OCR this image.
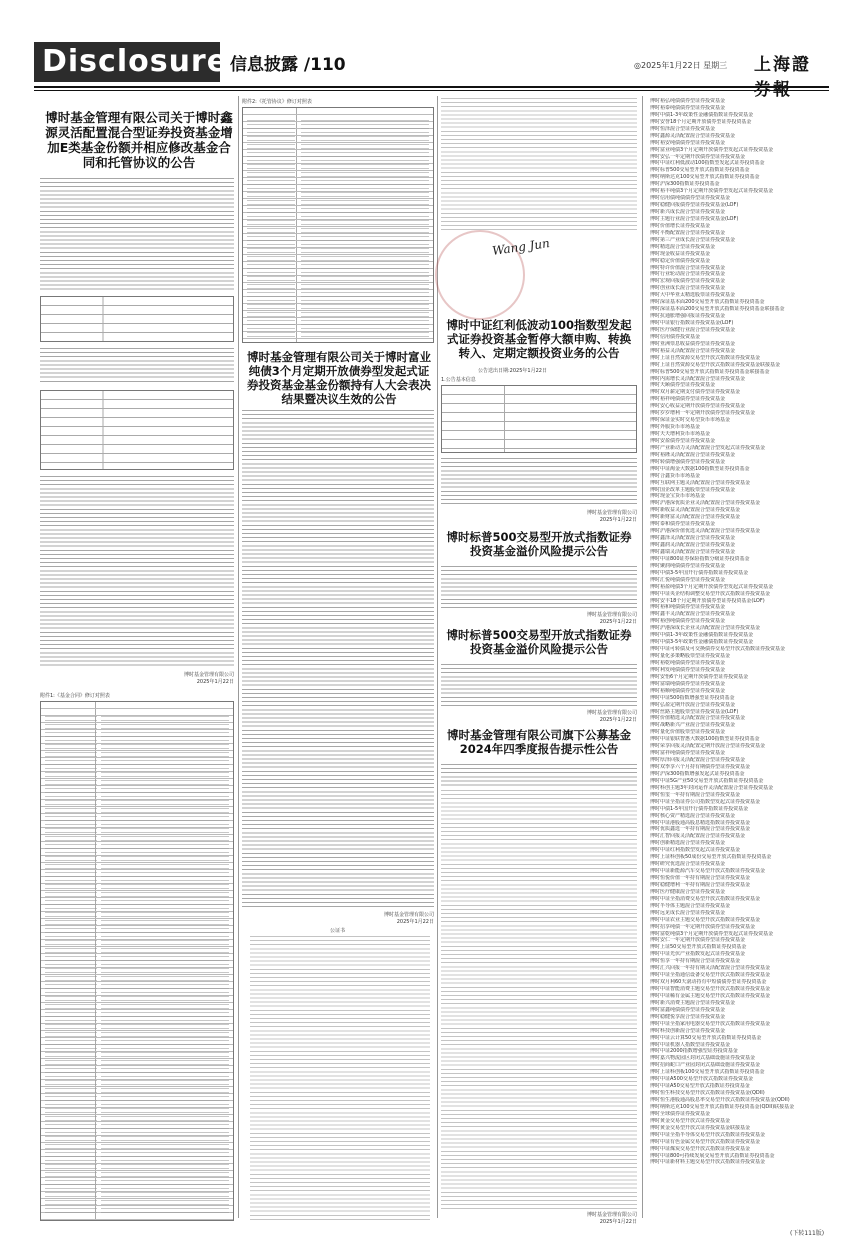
Disclosure 信息披露 /110	◎2025年1月22日 星期三 上海證
博时基金管理有限公司关于博时鑫源灵活配置混合型证券投资基金增加E类基金份额并相应修改基金合同和托管协议的公告
博时基金管理有限公司
2025年1月22日
附件1:《基金合同》修订对照表
附件2:《托管协议》修订对照表
博时基金管理有限公司关于博时富业纯债3个月定期开放债券型发起式证券投资基金基金份额持有人大会表决结果暨决议生效的公告
博时基金管理有限公司
2025年1月22日
公证书
Wang Jun
博时中证红利低波动100指数型发起式证券投资基金暂停大额申购、转换转入、定期定额投资业务的公告
公告送出日期:2025年1月22日
1.公告基本信息
博时基金管理有限公司
2025年1月22日
博时标普500交易型开放式指数证券投资基金溢价风险提示公告
博时基金管理有限公司
2025年1月22日
博时标普500交易型开放式指数证券投资基金溢价风险提示公告
博时基金管理有限公司
2025年1月22日
博时基金管理有限公司旗下公募基金2024年四季度报告提示性公告
博时基金管理有限公司
2025年1月22日
博时裕弘纯债债券型证券投资基金
博时裕泰纯债债券型证券投资基金
博时中债1-3年政策性金融债指数证券投资基金
博时安誉18个月定期开放债券型证券投资基金
博时恒泽混合型证券投资基金
博时鑫源灵活配置混合型证券投资基金
博时裕安纯债债券型证券投资基金
博时富业纯债3个月定期开放债券型发起式证券投资基金
博时安弘一年定期开放债券型证券投资基金
博时中证红利低波动100指数型发起式证券投资基金
博时标普500交易型开放式指数证券投资基金
博时纳斯达克100交易型开放式指数证券投资基金
博时沪深300指数证券投资基金
博时裕丰纯债3个月定期开放债券型发起式证券投资基金
博时信用债纯债债券型证券投资基金
博时稳健回报债券型证券投资基金(LOF)
博时新兴成长混合型证券投资基金
博时主题行业混合型证券投资基金(LOF)
博时价值增长证券投资基金
博时平衡配置混合型证券投资基金
博时第三产业成长混合型证券投资基金
博时精选混合型证券投资基金
博时现金收益证券投资基金
博时稳定价值债券投资基金
博时特许价值混合型证券投资基金
博时行业轮动混合型证券投资基金
博时宏观回报债券型证券投资基金
博时创业成长混合型证券投资基金
博时大中华亚太精选股票证券投资基金
博时深证基本面200交易型开放式指数证券投资基金
博时深证基本面200交易型开放式指数证券投资基金联接基金
博时抗通胀增强回报证券投资基金
博时中证银行指数证券投资基金(LOF)
博时医疗保健行业混合型证券投资基金
博时信用债券投资基金
博时亚洲票息收益债券型证券投资基金
博时裕益灵活配置混合型证券投资基金
博时上证自然资源交易型开放式指数证券投资基金
博时上证自然资源交易型开放式指数证券投资基金联接基金
博时标普500交易型开放式指数证券投资基金联接基金
博时内需增长灵活配置混合型证券投资基金
博时天颐债券型证券投资基金
博时双月薪定期支付债券型证券投资基金
博时裕祥纯债债券型证券投资基金
博时安心收益定期开放债券型证券投资基金
博时岁岁增利一年定期开放债券型证券投资基金
博时保证金实时交易型货币市场基金
博时外服货币市场基金
博时天天增利货币市场基金
博时安盈债券型证券投资基金
博时产业新动力灵活配置混合型发起式证券投资基金
博时裕隆灵活配置混合型证券投资基金
博时转债增强债券型证券投资基金
博时中证淘金大数据100指数型证券投资基金
博时合鑫货币市场基金
博时互联网主题灵活配置混合型证券投资基金
博时国企改革主题股票型证券投资基金
博时现金宝货币市场基金
博时沪港深优质企业灵活配置混合型证券投资基金
博时新收益灵活配置混合型证券投资基金
博时新财富灵活配置混合型证券投资基金
博时泰和债券型证券投资基金
博时沪港深价值优选灵活配置混合型证券投资基金
博时鑫泽灵活配置混合型证券投资基金
博时鑫润灵活配置混合型证券投资基金
博时鑫瑞灵活配置混合型证券投资基金
博时中证800证券保险指数分级证券投资基金
博时聚润纯债债券型证券投资基金
博时中债3-5年国开行债券指数证券投资基金
博时汇悦纯债债券型证券投资基金
博时裕盈纯债3个月定期开放债券型发起式证券投资基金
博时中证央企结构调整交易型开放式指数证券投资基金
博时安丰18个月定期开放债券型证券投资基金(LOF)
博时裕和纯债债券型证券投资基金
博时鑫丰灵活配置混合型证券投资基金
博时裕创纯债债券型证券投资基金
博时沪港深成长企业灵活配置混合型证券投资基金
博时中债1-3年政策性金融债指数证券投资基金
博时中债3-5年政策性金融债指数证券投资基金
博时中证可转债及可交换债券交易型开放式指数证券投资基金
博时量化多策略股票型证券投资基金
博时裕乾纯债债券型证券投资基金
博时利发纯债债券型证券投资基金
博时安怡6个月定期开放债券型证券投资基金
博时富瑞纯债债券型证券投资基金
博时裕顺纯债债券型证券投资基金
博时中证500指数增强型证券投资基金
博时弘盈定期开放混合型证券投资基金
博时丝路主题股票型证券投资基金(LOF)
博时价值精选灵活配置混合型证券投资基金
博时战略新兴产业混合型证券投资基金
博时量化价值股票型证券投资基金
博时中证银联智惠大数据100指数型证券投资基金
博时荣享回报灵活配置定期开放混合型证券投资基金
博时富祥纯债债券型证券投资基金
博时厚泽回报灵活配置混合型证券投资基金
博时双季享六个月持有期债券型证券投资基金
博时沪深300指数增强发起式证券投资基金
博时中证5G产业50交易型开放式指数证券投资基金
博时科创主题3年封闭运作灵活配置混合型证券投资基金
博时恒玺一年持有期混合型证券投资基金
博时中证全指证券公司指数型发起式证券投资基金
博时中债1-5年国开行债券指数证券投资基金
博时核心资产精选混合型证券投资基金
博时中证港股通高股息精选指数证券投资基金
博时优质鑫选一年持有期混合型证券投资基金
博时汇智回报灵活配置混合型证券投资基金
博时创新精选混合型证券投资基金
博时中证红利指数型发起式证券投资基金
博时上证科创板50成份交易型开放式指数证券投资基金
博时研究优选混合型证券投资基金
博时中证新能源汽车交易型开放式指数证券投资基金
博时恒悦价值一年持有期混合型证券投资基金
博时稳健增利一年持有期混合型证券投资基金
博时医疗健康混合型证券投资基金
博时中证全指消费交易型开放式指数证券投资基金
博时半导体主题混合型证券投资基金
博时远见成长混合型证券投资基金
博时中证农业主题交易型开放式指数证券投资基金
博时招享纯债一年定期开放债券型证券投资基金
博时富乾纯债3个月定期开放债券型发起式证券投资基金
博时安仁一年定期开放债券型证券投资基金
博时上证50交易型开放式指数证券投资基金
博时中证光伏产业指数发起式证券投资基金
博时恒享一年持有期混合型证券投资基金
博时汇兴回报一年持有期灵活配置混合型证券投资基金
博时中证全指通信设备交易型开放式指数证券投资基金
博时双月利60天滚动持有中短债债券型证券投资基金
博时中证智能消费主题交易型开放式指数证券投资基金
博时中证稀有金属主题交易型开放式指数证券投资基金
博时新兴消费主题混合型证券投资基金
博时富鑫纯债债券型证券投资基金
博时稳健悦享混合型证券投资基金
博时中证全指家用电器交易型开放式指数证券投资基金
博时科技创新混合型证券投资基金
博时中证云计算50交易型开放式指数证券投资基金
博时中证机器人指数型证券投资基金
博时中证2000指数增强型证券投资基金
博时嘉兴物流园区封闭式基础设施证券投资基金
博时招商蛇口产业园封闭式基础设施证券投资基金
博时上证科创板100交易型开放式指数证券投资基金
博时中证A500交易型开放式指数证券投资基金
博时中证A50交易型开放式指数证券投资基金
博时恒生科技交易型开放式指数证券投资基金(QDII)
博时恒生港股通高股息率交易型开放式指数证券投资基金(QDII)
博时纳斯达克100交易型开放式指数证券投资基金(QDII)联接基金
博时全球债券证券投资基金
博时黄金交易型开放式证券投资基金
博时黄金交易型开放式证券投资基金联接基金
博时中证全指半导体交易型开放式指数证券投资基金
博时中证有色金属交易型开放式指数证券投资基金
博时中证煤炭交易型开放式指数证券投资基金
博时中证800可持续发展交易型开放式指数证券投资基金
博时中证新材料主题交易型开放式指数证券投资基金
(下转111版)
